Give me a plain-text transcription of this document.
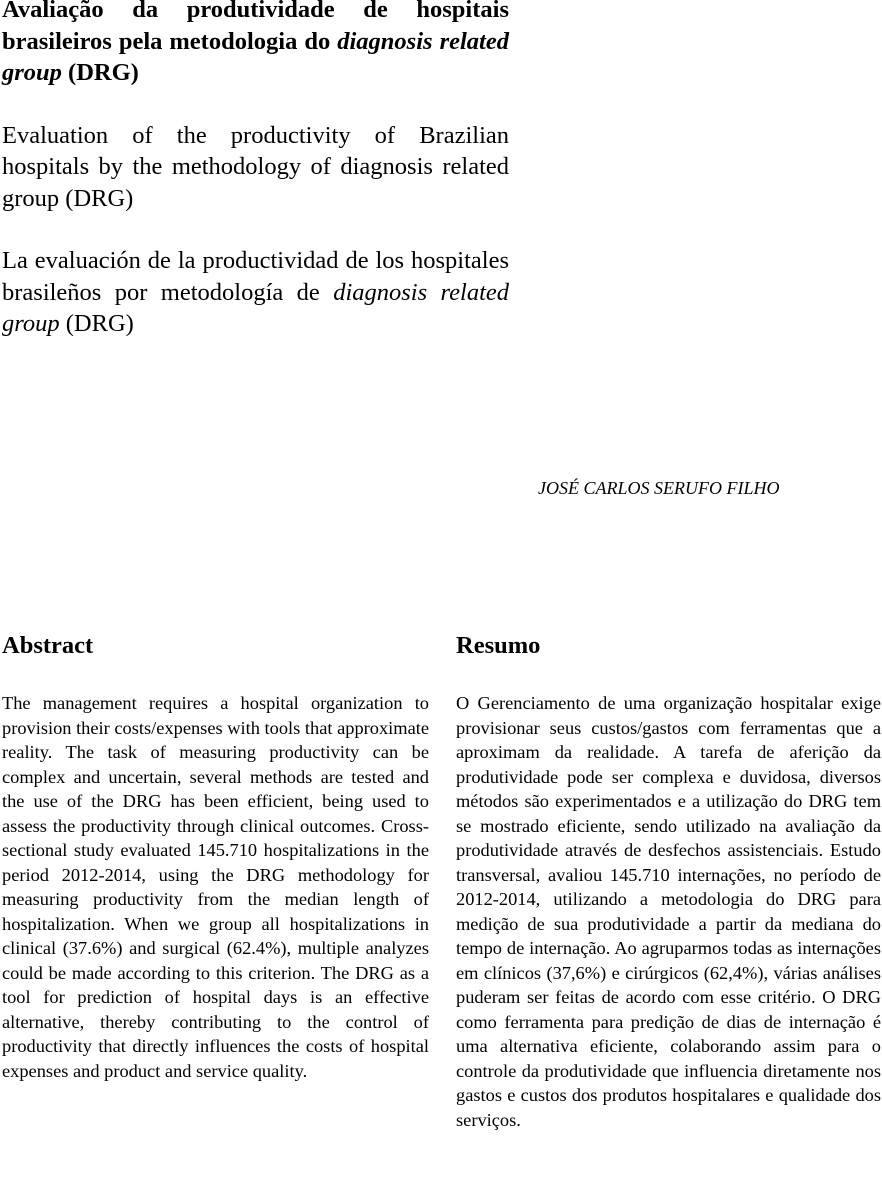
Avaliação da produtividade de hospitais brasileiros pela metodologia do diagnosis related group (DRG)

Evaluation of the productivity of Brazilian hospitals by the methodology of diagnosis related group (DRG)

La evaluación de la productividad de los hospitales brasileños por metodología de diagnosis related group (DRG)

JOSÉ CARLOS SERUFO FILHO
Abstract

The management requires a hospital organization to provision their costs/expenses with tools that approximate reality. The task of measuring productivity can be complex and uncertain, several methods are tested and the use of the DRG has been efficient, being used to assess the productivity through clinical outcomes. Cross-sectional study evaluated 145.710 hospitalizations in the period 2012-2014, using the DRG methodology for measuring productivity from the median length of hospitalization. When we group all hospitalizations in clinical (37.6%) and surgical (62.4%), multiple analyzes could be made according to this criterion. The DRG as a tool for prediction of hospital days is an effective alternative, thereby contributing to the control of productivity that directly influences the costs of hospital expenses and product and service quality.

Resumo

O Gerenciamento de uma organização hospitalar exige provisionar seus custos/gastos com ferramentas que a aproximam da realidade. A tarefa de aferição da produtividade pode ser complexa e duvidosa, diversos métodos são experimentados e a utilização do DRG tem se mostrado eficiente, sendo utilizado na avaliação da produtividade através de desfechos assistenciais. Estudo transversal, avaliou 145.710 internações, no período de 2012-2014, utilizando a metodologia do DRG para medição de sua produtividade a partir da mediana do tempo de internação. Ao agruparmos todas as internações em clínicos (37,6%) e cirúrgicos (62,4%), várias análises puderam ser feitas de acordo com esse critério. O DRG como ferramenta para predição de dias de internação é uma alternativa eficiente, colaborando assim para o controle da produtividade que influencia diretamente nos gastos e custos dos produtos hospitalares e qualidade dos serviços.
